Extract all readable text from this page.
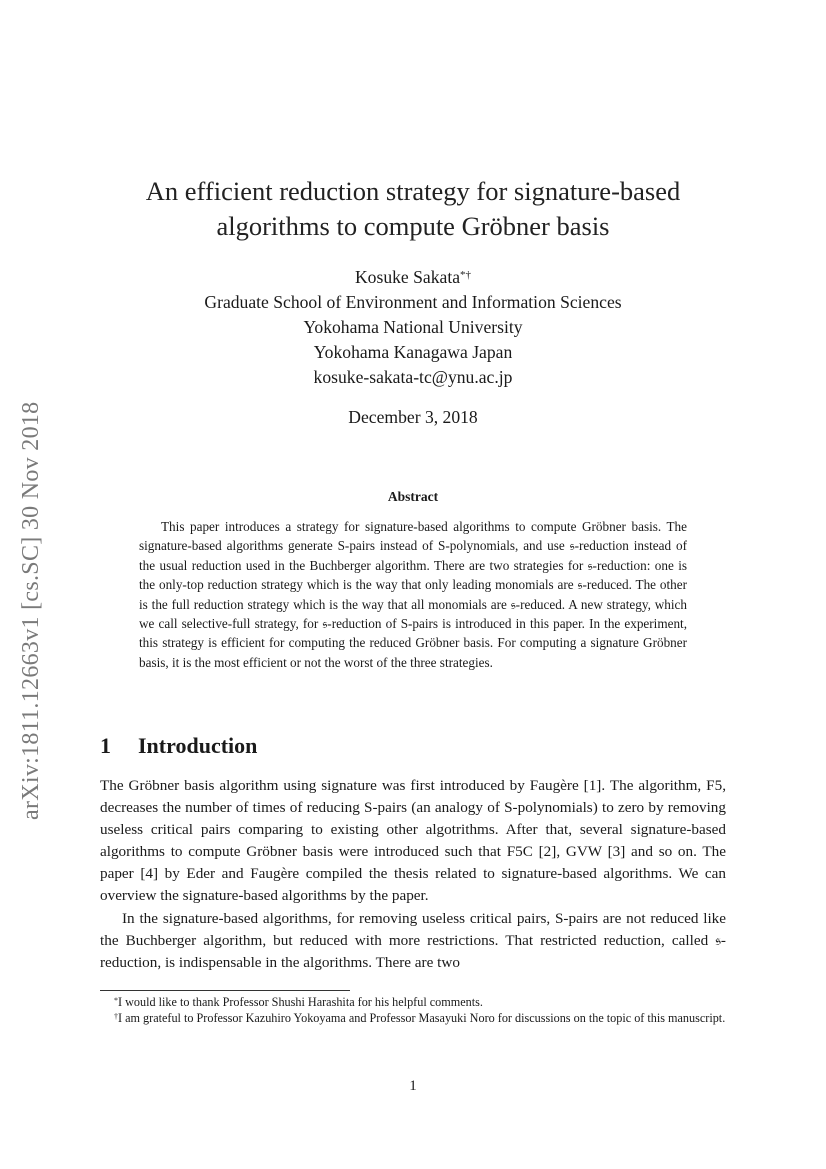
arXiv:1811.12663v1 [cs.SC] 30 Nov 2018
An efficient reduction strategy for signature-based
algorithms to compute Gröbner basis
Kosuke Sakata*†
Graduate School of Environment and Information Sciences
Yokohama National University
Yokohama Kanagawa Japan
kosuke-sakata-tc@ynu.ac.jp
December 3, 2018
Abstract

This paper introduces a strategy for signature-based algorithms to compute Gröbner basis. The signature-based algorithms generate S-pairs instead of S-polynomials, and use 𝔰-reduction instead of the usual reduction used in the Buchberger algorithm. There are two strategies for 𝔰-reduction: one is the only-top reduction strategy which is the way that only leading monomials are 𝔰-reduced. The other is the full reduction strategy which is the way that all monomials are 𝔰-reduced. A new strategy, which we call selective-full strategy, for 𝔰-reduction of S-pairs is introduced in this paper. In the experiment, this strategy is efficient for computing the reduced Gröbner basis. For computing a signature Gröbner basis, it is the most efficient or not the worst of the three strategies.

1 Introduction

The Gröbner basis algorithm using signature was first introduced by Faugère [1]. The algorithm, F5, decreases the number of times of reducing S-pairs (an analogy of S-polynomials) to zero by removing useless critical pairs comparing to existing other algotrithms. After that, several signature-based algorithms to compute Gröbner basis were introduced such that F5C [2], GVW [3] and so on. The paper [4] by Eder and Faugère compiled the thesis related to signature-based algorithms. We can overview the signature-based algorithms by the paper.

In the signature-based algorithms, for removing useless critical pairs, S-pairs are not reduced like the Buchberger algorithm, but reduced with more restrictions. That restricted reduction, called 𝔰-reduction, is indispensable in the algorithms. There are two

*I would like to thank Professor Shushi Harashita for his helpful comments.

†I am grateful to Professor Kazuhiro Yokoyama and Professor Masayuki Noro for discussions on the topic of this manuscript.

1
